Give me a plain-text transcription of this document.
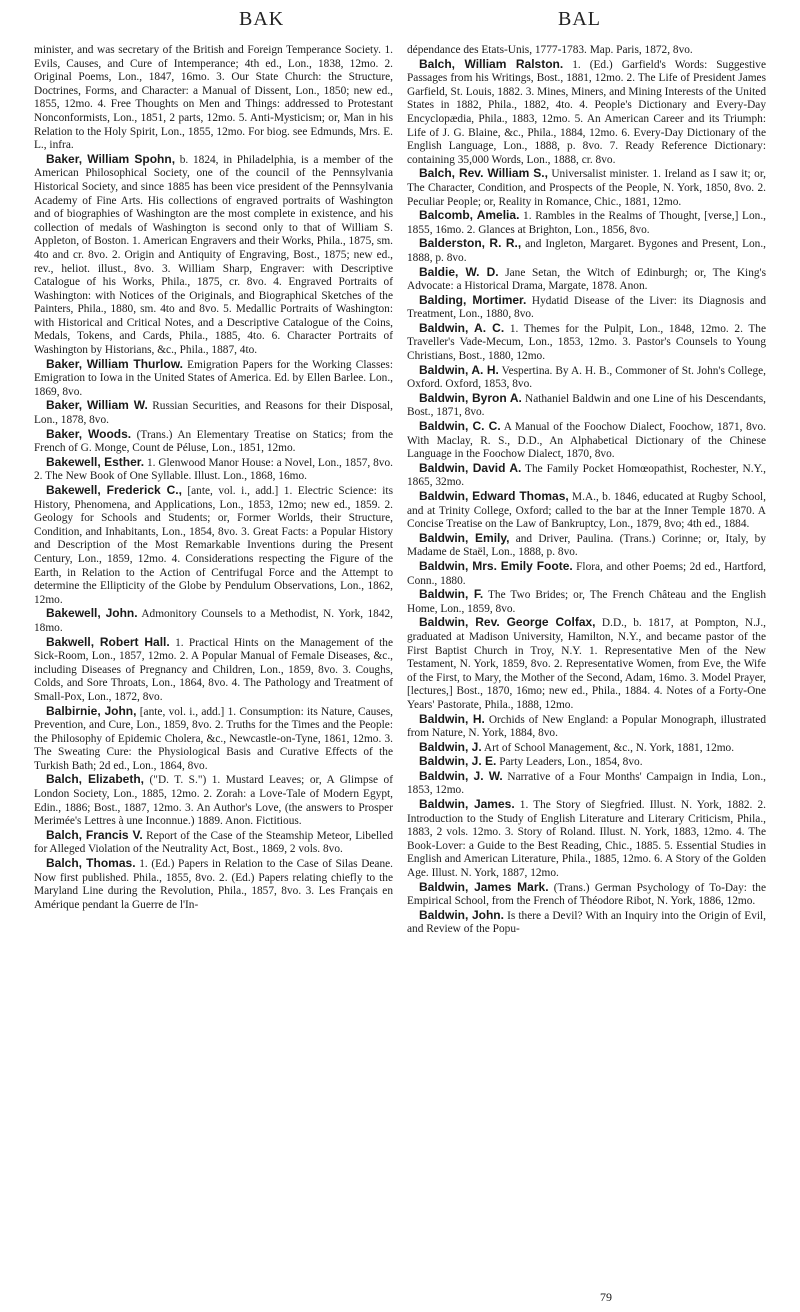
BAK	BAL

minister, and was secretary of the British and Foreign Temperance Society. 1. Evils, Causes, and Cure of Intemperance; 4th ed., Lon., 1838, 12mo. 2. Original Poems, Lon., 1847, 16mo. 3. Our State Church: the Structure, Doctrines, Forms, and Character: a Manual of Dissent, Lon., 1850; new ed., 1855, 12mo. 4. Free Thoughts on Men and Things: addressed to Protestant Nonconformists, Lon., 1851, 2 parts, 12mo. 5. Anti-Mysticism; or, Man in his Relation to the Holy Spirit, Lon., 1855, 12mo. For biog. see Edmunds, Mrs. E. L., infra.

Baker, William Spohn, b. 1824, in Philadelphia, is a member of the American Philosophical Society, one of the council of the Pennsylvania Historical Society, and since 1885 has been vice president of the Pennsylvania Academy of Fine Arts. His collections of engraved portraits of Washington and of biographies of Washington are the most complete in existence, and his collection of medals of Washington is second only to that of William S. Appleton, of Boston. 1. American Engravers and their Works, Phila., 1875, sm. 4to and cr. 8vo. 2. Origin and Antiquity of Engraving, Bost., 1875; new ed., rev., heliot. illust., 8vo. 3. William Sharp, Engraver: with Descriptive Catalogue of his Works, Phila., 1875, cr. 8vo. 4. Engraved Portraits of Washington: with Notices of the Originals, and Biographical Sketches of the Painters, Phila., 1880, sm. 4to and 8vo. 5. Medallic Portraits of Washington: with Historical and Critical Notes, and a Descriptive Catalogue of the Coins, Medals, Tokens, and Cards, Phila., 1885, 4to. 6. Character Portraits of Washington by Historians, &c., Phila., 1887, 4to.

Baker, William Thurlow. Emigration Papers for the Working Classes: Emigration to Iowa in the United States of America. Ed. by Ellen Barlee. Lon., 1869, 8vo.

Baker, William W. Russian Securities, and Reasons for their Disposal, Lon., 1878, 8vo.

Baker, Woods. (Trans.) An Elementary Treatise on Statics; from the French of G. Monge, Count de Péluse, Lon., 1851, 12mo.

Bakewell, Esther. 1. Glenwood Manor House: a Novel, Lon., 1857, 8vo. 2. The New Book of One Syllable. Illust. Lon., 1868, 16mo.

Bakewell, Frederick C., [ante, vol. i., add.] 1. Electric Science: its History, Phenomena, and Applications, Lon., 1853, 12mo; new ed., 1859. 2. Geology for Schools and Students; or, Former Worlds, their Structure, Condition, and Inhabitants, Lon., 1854, 8vo. 3. Great Facts: a Popular History and Description of the Most Remarkable Inventions during the Present Century, Lon., 1859, 12mo. 4. Considerations respecting the Figure of the Earth, in Relation to the Action of Centrifugal Force and the Attempt to determine the Ellipticity of the Globe by Pendulum Observations, Lon., 1862, 12mo.

Bakewell, John. Admonitory Counsels to a Methodist, N. York, 1842, 18mo.

Bakwell, Robert Hall. 1. Practical Hints on the Management of the Sick-Room, Lon., 1857, 12mo. 2. A Popular Manual of Female Diseases, &c., including Diseases of Pregnancy and Children, Lon., 1859, 8vo. 3. Coughs, Colds, and Sore Throats, Lon., 1864, 8vo. 4. The Pathology and Treatment of Small-Pox, Lon., 1872, 8vo.

Balbirnie, John, [ante, vol. i., add.] 1. Consumption: its Nature, Causes, Prevention, and Cure, Lon., 1859, 8vo. 2. Truths for the Times and the People: the Philosophy of Epidemic Cholera, &c., Newcastle-on-Tyne, 1861, 12mo. 3. The Sweating Cure: the Physiological Basis and Curative Effects of the Turkish Bath; 2d ed., Lon., 1864, 8vo.

Balch, Elizabeth, ("D. T. S.") 1. Mustard Leaves; or, A Glimpse of London Society, Lon., 1885, 12mo. 2. Zorah: a Love-Tale of Modern Egypt, Edin., 1886; Bost., 1887, 12mo. 3. An Author's Love, (the answers to Prosper Merimée's Lettres à une Inconnue.) 1889. Anon. Fictitious.

Balch, Francis V. Report of the Case of the Steamship Meteor, Libelled for Alleged Violation of the Neutrality Act, Bost., 1869, 2 vols. 8vo.

Balch, Thomas. 1. (Ed.) Papers in Relation to the Case of Silas Deane. Now first published. Phila., 1855, 8vo. 2. (Ed.) Papers relating chiefly to the Maryland Line during the Revolution, Phila., 1857, 8vo. 3. Les Français en Amérique pendant la Guerre de l'In-

dépendance des Etats-Unis, 1777-1783. Map. Paris, 1872, 8vo.

Balch, William Ralston. 1. (Ed.) Garfield's Words: Suggestive Passages from his Writings, Bost., 1881, 12mo. 2. The Life of President James Garfield, St. Louis, 1882. 3. Mines, Miners, and Mining Interests of the United States in 1882, Phila., 1882, 4to. 4. People's Dictionary and Every-Day Encyclopædia, Phila., 1883, 12mo. 5. An American Career and its Triumph: Life of J. G. Blaine, &c., Phila., 1884, 12mo. 6. Every-Day Dictionary of the English Language, Lon., 1888, p. 8vo. 7. Ready Reference Dictionary: containing 35,000 Words, Lon., 1888, cr. 8vo.

Balch, Rev. William S., Universalist minister. 1. Ireland as I saw it; or, The Character, Condition, and Prospects of the People, N. York, 1850, 8vo. 2. Peculiar People; or, Reality in Romance, Chic., 1881, 12mo.

Balcomb, Amelia. 1. Rambles in the Realms of Thought, [verse,] Lon., 1855, 16mo. 2. Glances at Brighton, Lon., 1856, 8vo.

Balderston, R. R., and Ingleton, Margaret. Bygones and Present, Lon., 1888, p. 8vo.

Baldie, W. D. Jane Setan, the Witch of Edinburgh; or, The King's Advocate: a Historical Drama, Margate, 1878. Anon.

Balding, Mortimer. Hydatid Disease of the Liver: its Diagnosis and Treatment, Lon., 1880, 8vo.

Baldwin, A. C. 1. Themes for the Pulpit, Lon., 1848, 12mo. 2. The Traveller's Vade-Mecum, Lon., 1853, 12mo. 3. Pastor's Counsels to Young Christians, Bost., 1880, 12mo.

Baldwin, A. H. Vespertina. By A. H. B., Commoner of St. John's College, Oxford. Oxford, 1853, 8vo.

Baldwin, Byron A. Nathaniel Baldwin and one Line of his Descendants, Bost., 1871, 8vo.

Baldwin, C. C. A Manual of the Foochow Dialect, Foochow, 1871, 8vo. With Maclay, R. S., D.D., An Alphabetical Dictionary of the Chinese Language in the Foochow Dialect, 1870, 8vo.

Baldwin, David A. The Family Pocket Homœopathist, Rochester, N.Y., 1865, 32mo.

Baldwin, Edward Thomas, M.A., b. 1846, educated at Rugby School, and at Trinity College, Oxford; called to the bar at the Inner Temple 1870. A Concise Treatise on the Law of Bankruptcy, Lon., 1879, 8vo; 4th ed., 1884.

Baldwin, Emily, and Driver, Paulina. (Trans.) Corinne; or, Italy, by Madame de Staël, Lon., 1888, p. 8vo.

Baldwin, Mrs. Emily Foote. Flora, and other Poems; 2d ed., Hartford, Conn., 1880.

Baldwin, F. The Two Brides; or, The French Château and the English Home, Lon., 1859, 8vo.

Baldwin, Rev. George Colfax, D.D., b. 1817, at Pompton, N.J., graduated at Madison University, Hamilton, N.Y., and became pastor of the First Baptist Church in Troy, N.Y. 1. Representative Men of the New Testament, N. York, 1859, 8vo. 2. Representative Women, from Eve, the Wife of the First, to Mary, the Mother of the Second, Adam, 16mo. 3. Model Prayer, [lectures,] Bost., 1870, 16mo; new ed., Phila., 1884. 4. Notes of a Forty-One Years' Pastorate, Phila., 1888, 12mo.

Baldwin, H. Orchids of New England: a Popular Monograph, illustrated from Nature, N. York, 1884, 8vo.

Baldwin, J. Art of School Management, &c., N. York, 1881, 12mo.

Baldwin, J. E. Party Leaders, Lon., 1854, 8vo.

Baldwin, J. W. Narrative of a Four Months' Campaign in India, Lon., 1853, 12mo.

Baldwin, James. 1. The Story of Siegfried. Illust. N. York, 1882. 2. Introduction to the Study of English Literature and Literary Criticism, Phila., 1883, 2 vols. 12mo. 3. Story of Roland. Illust. N. York, 1883, 12mo. 4. The Book-Lover: a Guide to the Best Reading, Chic., 1885. 5. Essential Studies in English and American Literature, Phila., 1885, 12mo. 6. A Story of the Golden Age. Illust. N. York, 1887, 12mo.

Baldwin, James Mark. (Trans.) German Psychology of To-Day: the Empirical School, from the French of Théodore Ribot, N. York, 1886, 12mo.

Baldwin, John. Is there a Devil? With an Inquiry into the Origin of Evil, and Review of the Popu-

79
